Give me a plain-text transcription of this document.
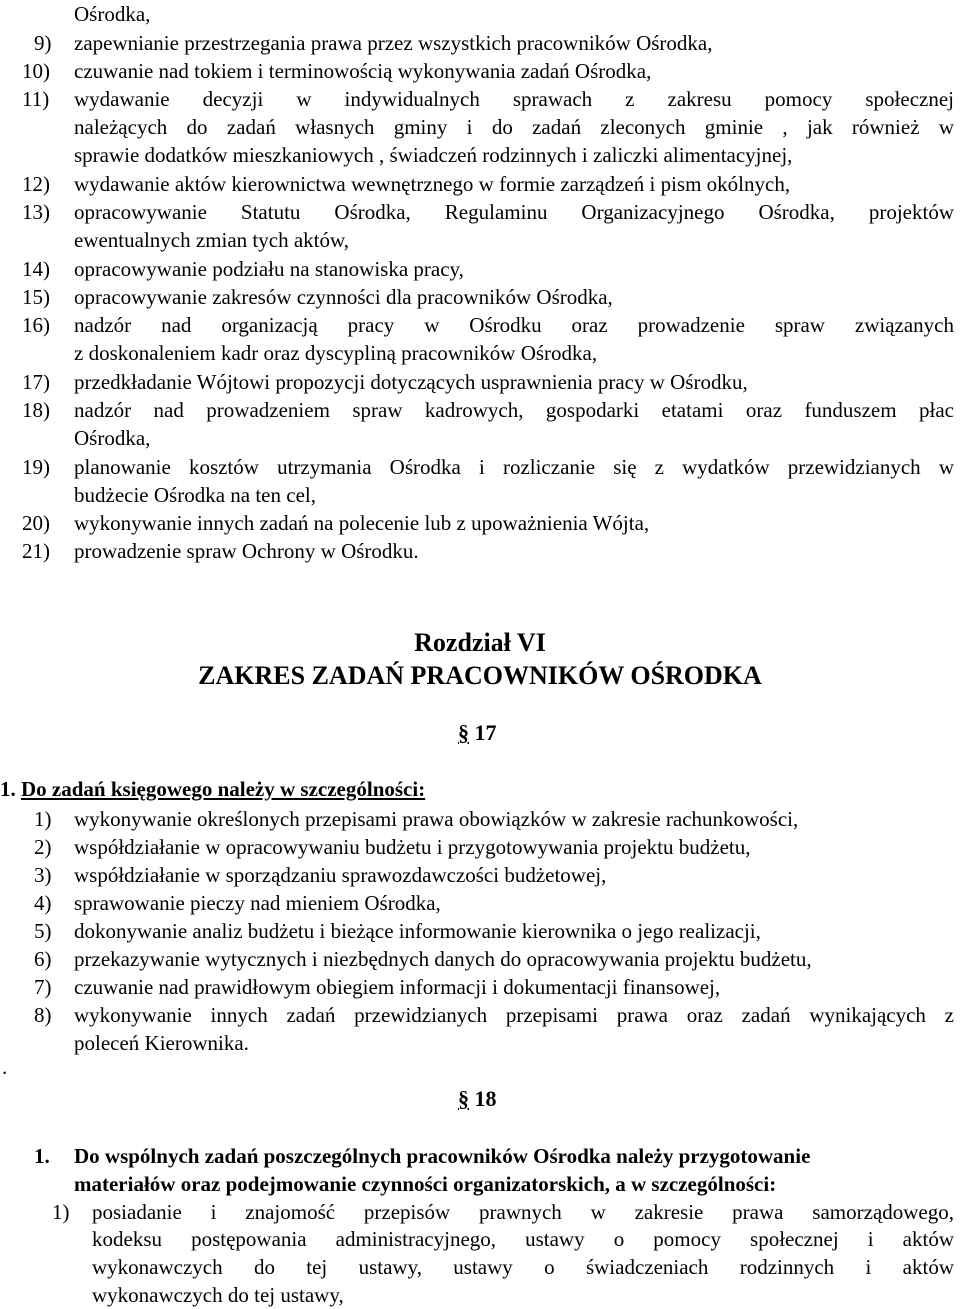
Ośrodka,
9) zapewnianie przestrzegania prawa przez wszystkich pracowników Ośrodka,
10) czuwanie nad tokiem i terminowością wykonywania zadań Ośrodka,
11) wydawanie decyzji w indywidualnych sprawach z zakresu pomocy społecznej
należących do zadań własnych gminy i do zadań zleconych gminie , jak również w
sprawie dodatków mieszkaniowych , świadczeń rodzinnych i zaliczki alimentacyjnej,
12) wydawanie aktów kierownictwa wewnętrznego w formie zarządzeń i pism okólnych,
13) opracowywanie Statutu Ośrodka, Regulaminu Organizacyjnego Ośrodka, projektów
ewentualnych zmian tych aktów,
14) opracowywanie podziału na stanowiska pracy,
15) opracowywanie zakresów czynności dla pracowników Ośrodka,
16) nadzór nad organizacją pracy w Ośrodku oraz prowadzenie spraw związanych
z doskonaleniem kadr oraz dyscypliną pracowników Ośrodka,
17) przedkładanie Wójtowi propozycji dotyczących usprawnienia pracy w Ośrodku,
18) nadzór nad prowadzeniem spraw kadrowych, gospodarki etatami oraz funduszem płac
Ośrodka,
19) planowanie kosztów utrzymania Ośrodka i rozliczanie się z wydatków przewidzianych w
budżecie Ośrodka na ten cel,
20) wykonywanie innych zadań na polecenie lub z upoważnienia Wójta,
21) prowadzenie spraw Ochrony w Ośrodku.
Rozdział VI
ZAKRES ZADAŃ PRACOWNIKÓW OŚRODKA
§ 17
1. Do zadań księgowego należy w szczególności:
1) wykonywanie określonych przepisami prawa obowiązków w zakresie rachunkowości,
2) współdziałanie w opracowywaniu budżetu i przygotowywania projektu budżetu,
3) współdziałanie w sporządzaniu sprawozdawczości budżetowej,
4) sprawowanie pieczy nad mieniem Ośrodka,
5) dokonywanie analiz budżetu i bieżące informowanie kierownika o jego realizacji,
6) przekazywanie wytycznych i niezbędnych danych do opracowywania projektu budżetu,
7) czuwanie nad prawidłowym obiegiem informacji i dokumentacji finansowej,
8) wykonywanie innych zadań przewidzianych przepisami prawa oraz zadań wynikających z
poleceń Kierownika.
.
§ 18
1. Do wspólnych zadań poszczególnych pracowników Ośrodka należy przygotowanie
materiałów oraz podejmowanie czynności organizatorskich, a w szczególności:
1) posiadanie i znajomość przepisów prawnych w zakresie prawa samorządowego,
kodeksu postępowania administracyjnego, ustawy o pomocy społecznej i aktów
wykonawczych do tej ustawy, ustawy o świadczeniach rodzinnych i aktów
wykonawczych do tej ustawy,
